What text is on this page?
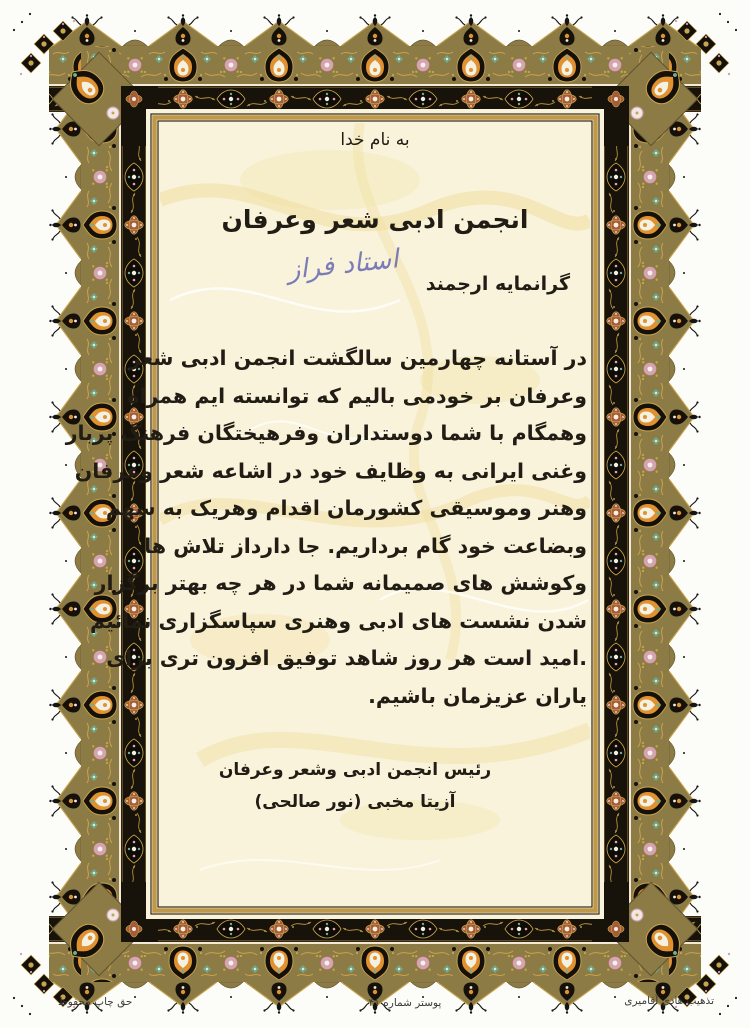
به نام خدا
انجمن ادبی شعر وعرفان
گرانمایه ارجمند
استاد فراز
در آستانه چهارمین سالگشت انجمن ادبی شعر
وعرفان بر خودمی بالیم که توانسته ایم همراه
وهمگام با شما دوستداران وفرهیختگان فرهنگ پربار
وغنی ایرانی به وظایف خود در اشاعه شعر وعرفان
وهنر وموسیقی کشورمان اقدام وهریک به سهم
وبضاعت خود گام برداریم. جا دارداز تلاش ها
وکوشش های صمیمانه شما در هر چه بهتر برگزار
شدن نشست های ادبی وهنری سپاسگزاری نمائیم
.امید است هر روز شاهد توفیق افزون تری برای
یاران عزیزمان باشیم.
رئیس انجمن ادبی وشعر وعرفان
آزیتا مخبی (نور صالحی)
حق چاپ محفوظ	پوستر شماره ۴۱	تذهیب هادی آقامیری
